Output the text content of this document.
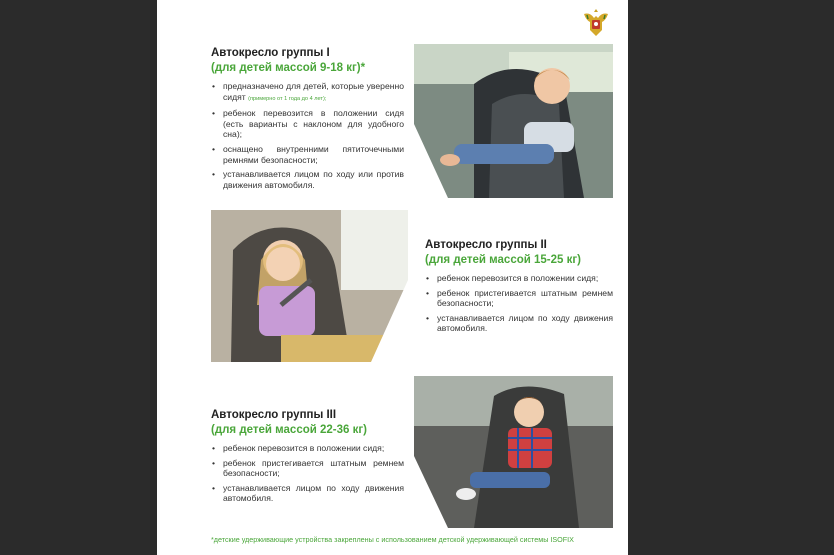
Автокресло группы I
(для детей массой 9-18 кг)*
• предназначено для детей, которые уверенно сидят (примерно от 1 года до 4 лет);
• ребенок перевозится в положении сидя (есть варианты с наклоном для удобного сна);
• оснащено внутренними пятиточечными ремнями безопасности;
• устанавливается лицом по ходу или против движения автомобиля.
Автокресло группы II
(для детей массой 15-25 кг)
• ребенок перевозится в положении сидя;
• ребенок пристегивается штатным ремнем безопасности;
• устанавливается лицом по ходу движения автомобиля.
Автокресло группы III
(для детей массой 22-36 кг)
• ребенок перевозится в положении сидя;
• ребенок пристегивается штатным ремнем безопасности;
• устанавливается лицом по ходу движения автомобиля.
*детские удерживающие устройства закреплены с использованием детской удерживающей системы ISOFIX
